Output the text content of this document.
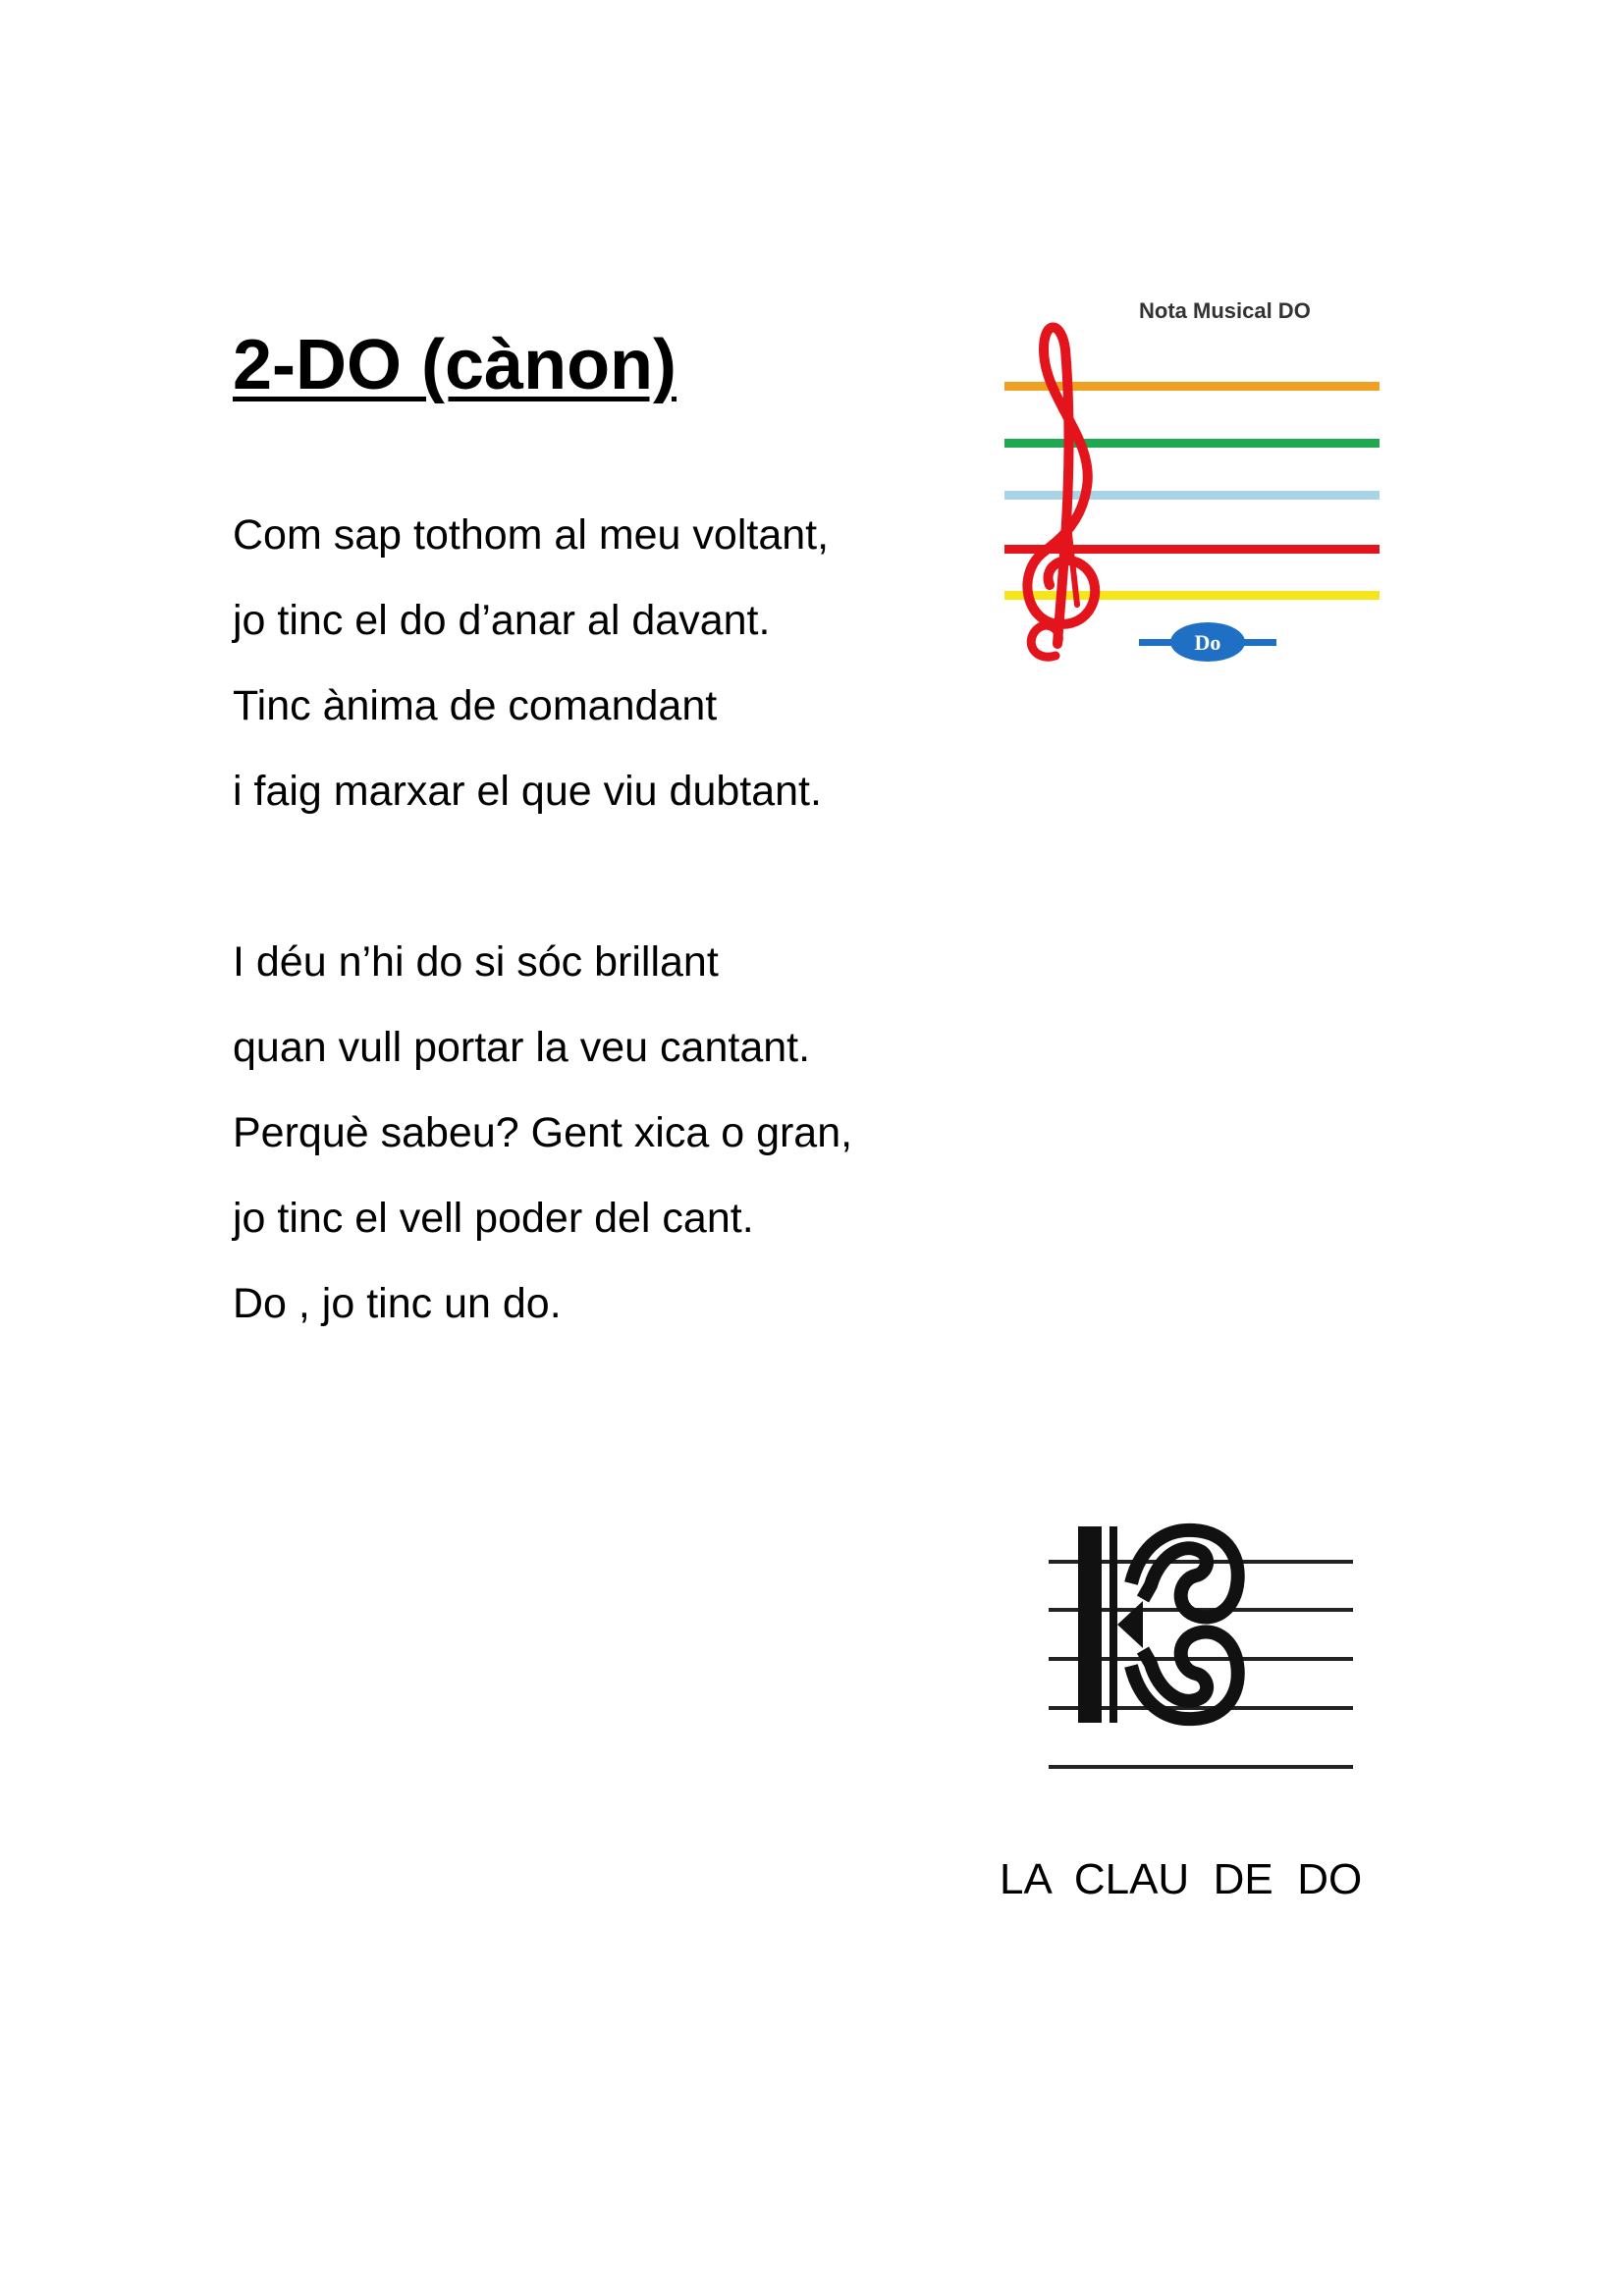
2-DO (cànon)
Com sap tothom al meu voltant,
jo tinc el do d’anar al davant.
Tinc ànima de comandant
i faig marxar el que viu dubtant.
I déu n’hi do si sóc brillant
quan vull portar la veu cantant.
Perquè sabeu? Gent xica o gran,
jo tinc el vell poder del cant.
Do , jo tinc un do.
Nota Musical DO
Do
LA  CLAU  DE  DO
